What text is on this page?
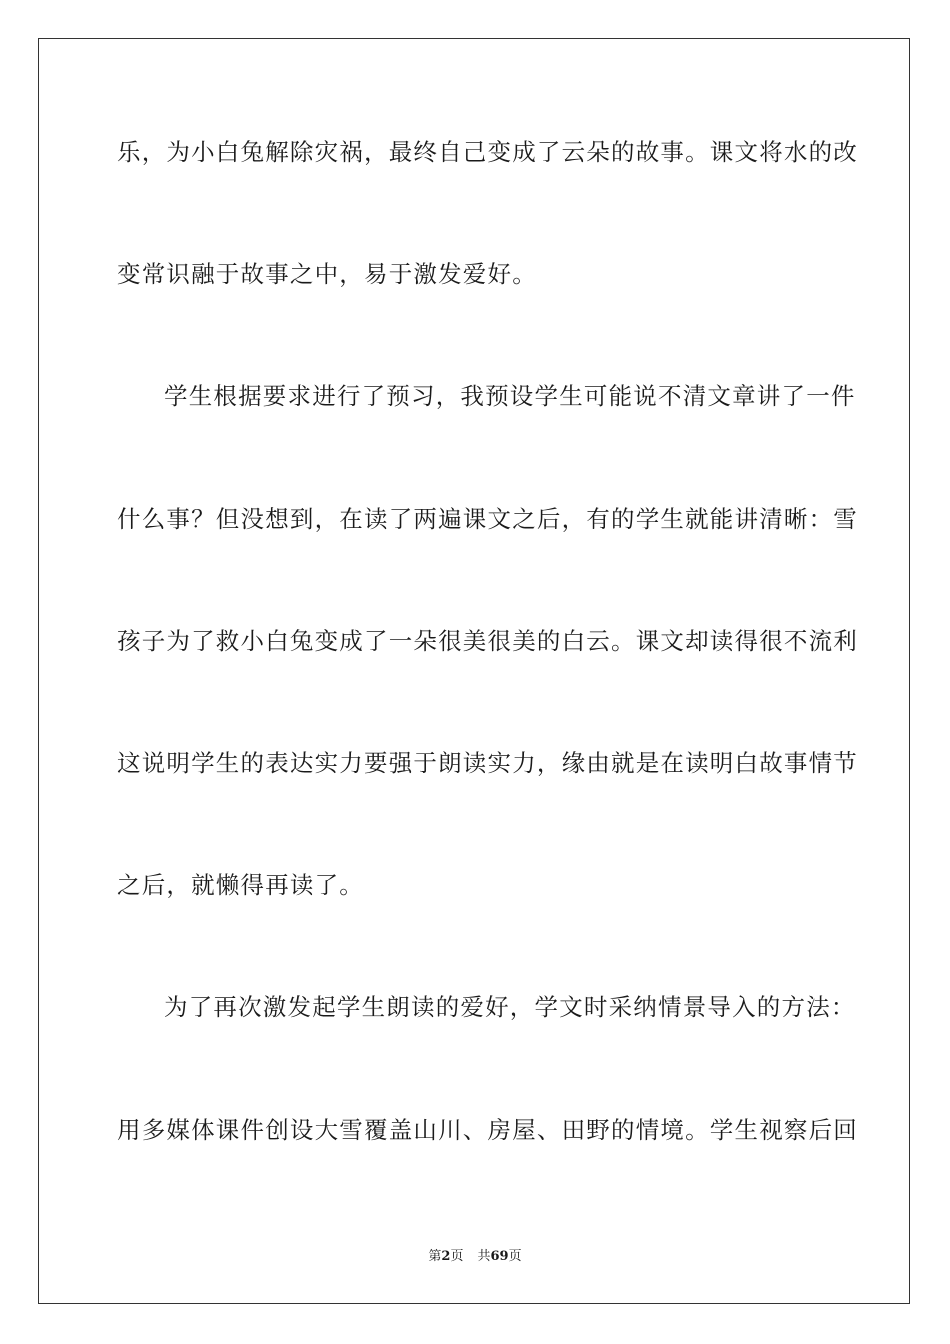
乐，为小白兔解除灾祸，最终自己变成了云朵的故事。课文将水的改
变常识融于故事之中，易于激发爱好。
学生根据要求进行了预习，我预设学生可能说不清文章讲了一件
什么事？但没想到，在读了两遍课文之后，有的学生就能讲清晰：雪
孩子为了救小白兔变成了一朵很美很美的白云。课文却读得很不流利
这说明学生的表达实力要强于朗读实力，缘由就是在读明白故事情节
之后，就懒得再读了。
为了再次激发起学生朗读的爱好，学文时采纳情景导入的方法：
用多媒体课件创设大雪覆盖山川、房屋、田野的情境。学生视察后回
第2页 共69页
